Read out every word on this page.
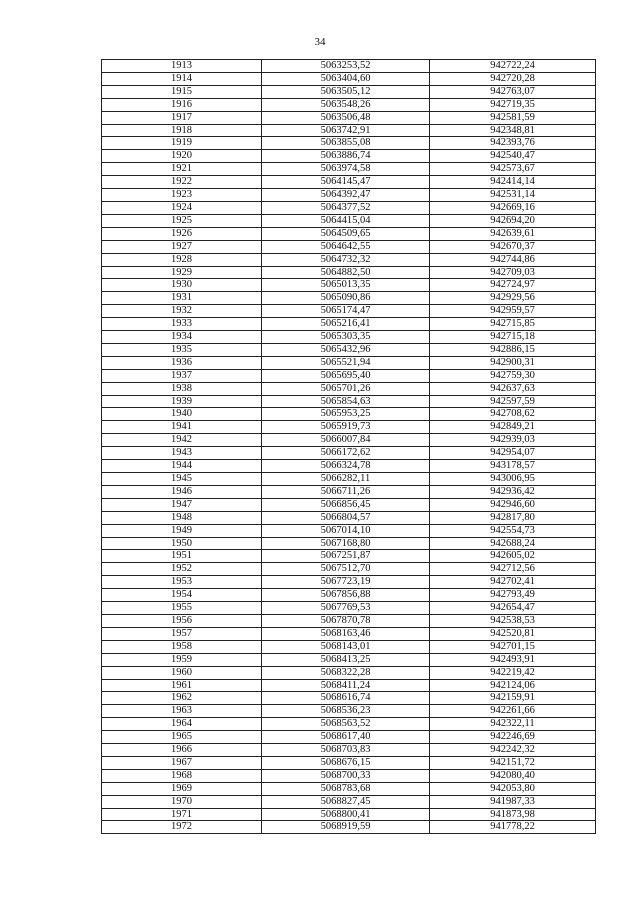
34
1913	5063253,52	942722,24
1914	5063404,60	942720,28
1915	5063505,12	942763,07
1916	5063548,26	942719,35
1917	5063506,48	942581,59
1918	5063742,91	942348,81
1919	5063855,08	942393,76
1920	5063886,74	942540,47
1921	5063974,58	942573,67
1922	5064145,47	942414,14
1923	5064392,47	942531,14
1924	5064377,52	942669,16
1925	5064415,04	942694,20
1926	5064509,65	942639,61
1927	5064642,55	942670,37
1928	5064732,32	942744,86
1929	5064882,50	942709,03
1930	5065013,35	942724,97
1931	5065090,86	942929,56
1932	5065174,47	942959,57
1933	5065216,41	942715,85
1934	5065303,35	942715,18
1935	5065432,96	942886,15
1936	5065521,94	942900,31
1937	5065695,40	942759,30
1938	5065701,26	942637,63
1939	5065854,63	942597,59
1940	5065953,25	942708,62
1941	5065919,73	942849,21
1942	5066007,84	942939,03
1943	5066172,62	942954,07
1944	5066324,78	943178,57
1945	5066282,11	943006,95
1946	5066711,26	942936,42
1947	5066856,45	942946,60
1948	5066804,57	942817,80
1949	5067014,10	942554,73
1950	5067168,80	942688,24
1951	5067251,87	942605,02
1952	5067512,70	942712,56
1953	5067723,19	942702,41
1954	5067856,88	942793,49
1955	5067769,53	942654,47
1956	5067870,78	942538,53
1957	5068163,46	942520,81
1958	5068143,01	942701,15
1959	5068413,25	942493,91
1960	5068322,28	942219,42
1961	5068411,24	942124,06
1962	5068616,74	942159,91
1963	5068536,23	942261,66
1964	5068563,52	942322,11
1965	5068617,40	942246,69
1966	5068703,83	942242,32
1967	5068676,15	942151,72
1968	5068700,33	942080,40
1969	5068783,68	942053,80
1970	5068827,45	941987,33
1971	5068800,41	941873,98
1972	5068919,59	941778,22
